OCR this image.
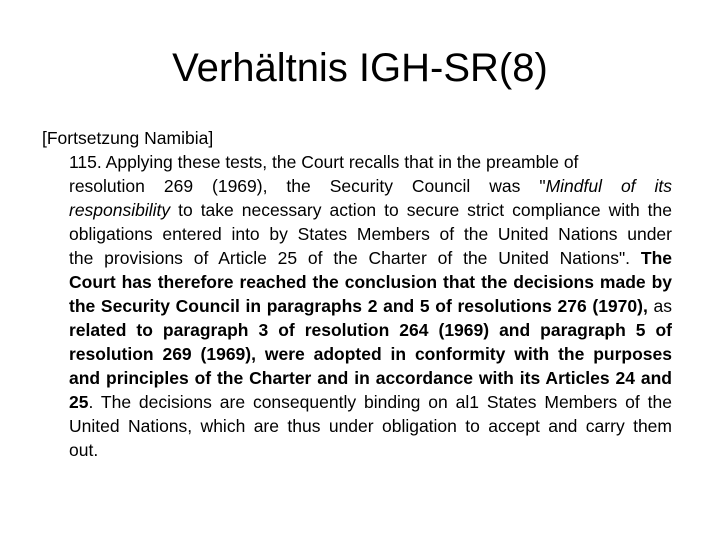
Verhältnis IGH-SR(8)
[Fortsetzung Namibia]
115. Applying these tests, the Court recalls that in the preamble of
resolution 269 (1969), the Security Council was "Mindful of its
responsibility to take necessary action to secure strict compliance with the
obligations entered into by States Members of the United Nations under
the provisions of Article 25 of the Charter of the United Nations". The
Court has therefore reached the conclusion that the decisions made by
the Security Council in paragraphs 2 and 5 of resolutions 276 (1970), as
related to paragraph 3 of resolution 264 (1969) and paragraph 5 of
resolution 269 (1969), were adopted in conformity with the purposes
and principles of the Charter and in accordance with its Articles 24 and
25. The decisions are consequently binding on al1 States Members of the
United Nations, which are thus under obligation to accept and carry them
out.
